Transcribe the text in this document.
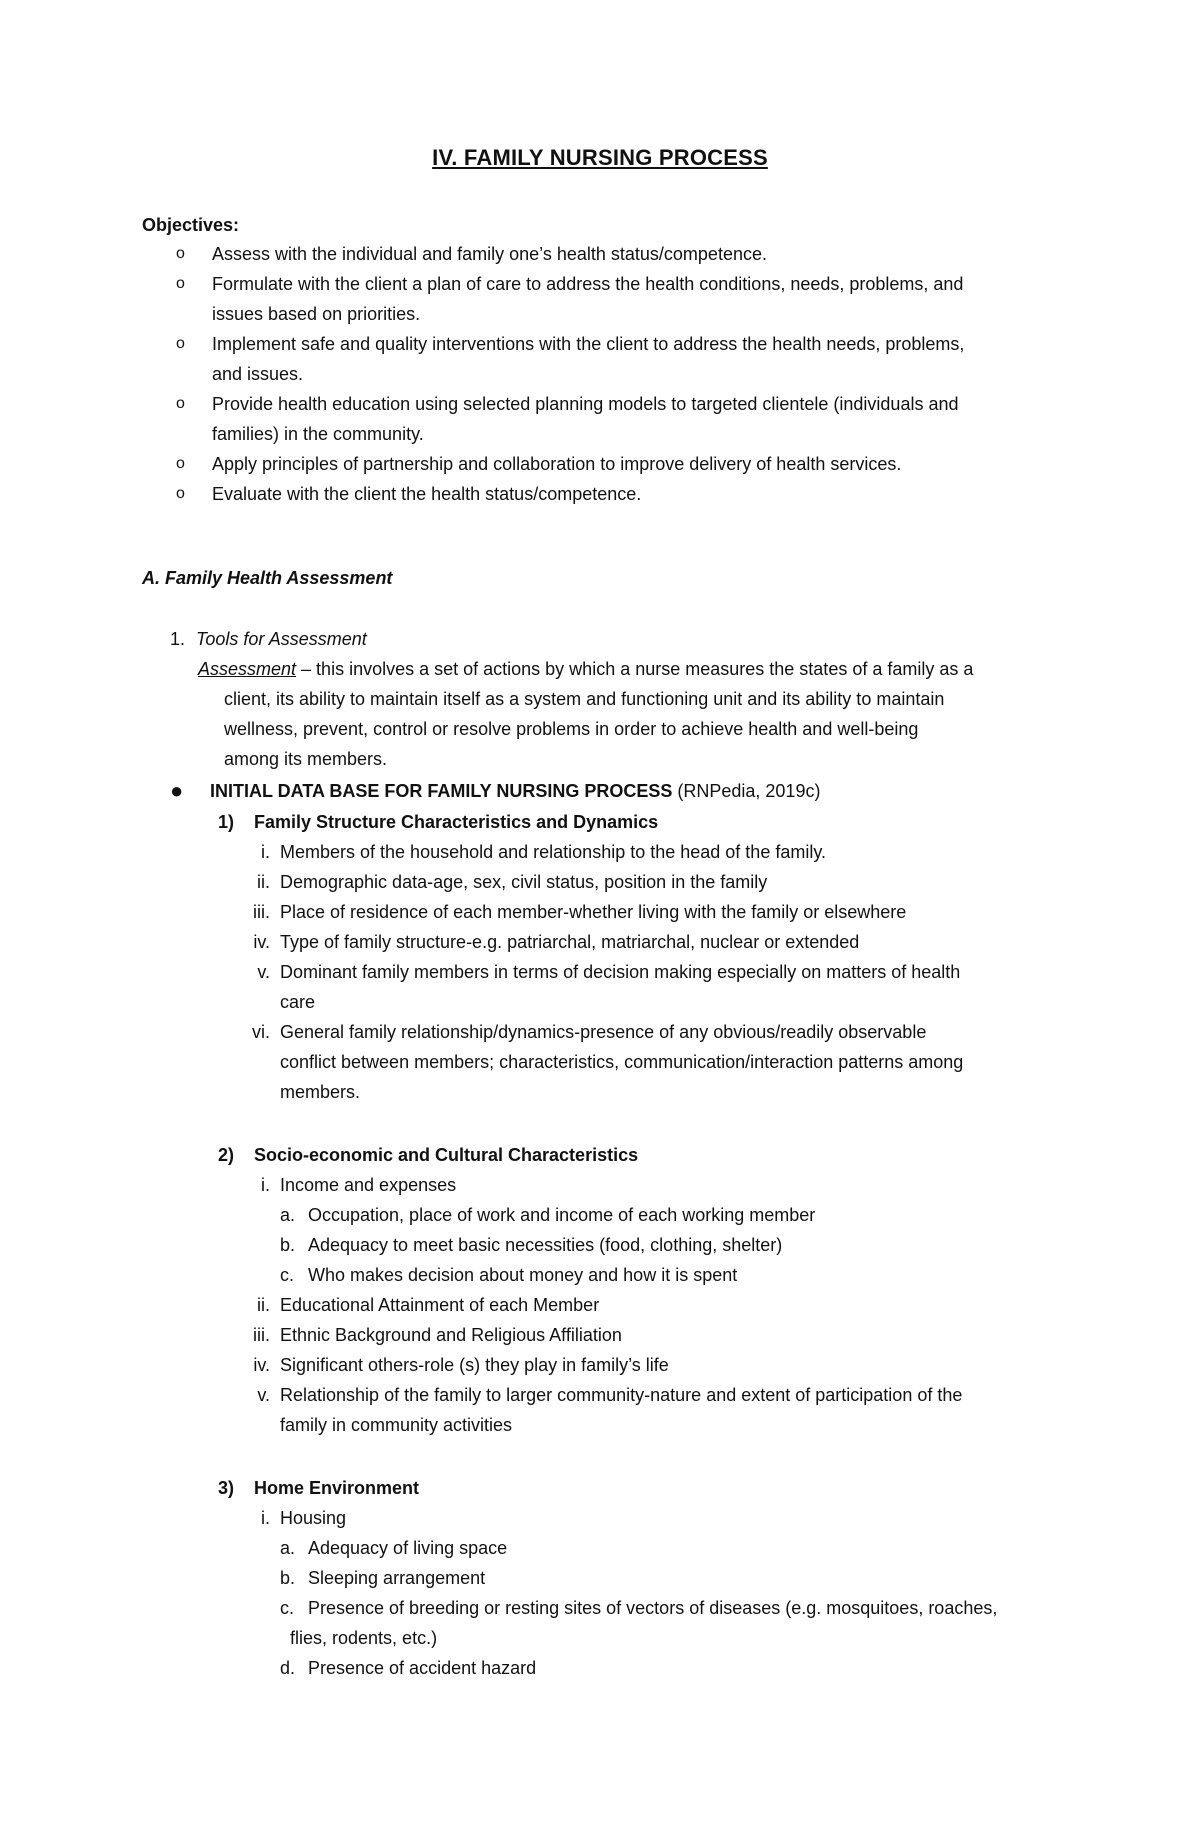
IV. FAMILY NURSING PROCESS
Objectives:
o Assess with the individual and family one’s health status/competence.
o Formulate with the client a plan of care to address the health conditions, needs, problems, and
issues based on priorities.
o Implement safe and quality interventions with the client to address the health needs, problems,
and issues.
o Provide health education using selected planning models to targeted clientele (individuals and
families) in the community.
o Apply principles of partnership and collaboration to improve delivery of health services.
o Evaluate with the client the health status/competence.
A. Family Health Assessment
1. Tools for Assessment
Assessment – this involves a set of actions by which a nurse measures the states of a family as a
client, its ability to maintain itself as a system and functioning unit and its ability to maintain
wellness, prevent, control or resolve problems in order to achieve health and well-being
among its members.
● INITIAL DATA BASE FOR FAMILY NURSING PROCESS (RNPedia, 2019c)
1) Family Structure Characteristics and Dynamics
i. Members of the household and relationship to the head of the family.
ii. Demographic data-age, sex, civil status, position in the family
iii. Place of residence of each member-whether living with the family or elsewhere
iv. Type of family structure-e.g. patriarchal, matriarchal, nuclear or extended
v. Dominant family members in terms of decision making especially on matters of health
care
vi. General family relationship/dynamics-presence of any obvious/readily observable
conflict between members; characteristics, communication/interaction patterns among
members.
2) Socio-economic and Cultural Characteristics
i. Income and expenses
a. Occupation, place of work and income of each working member
b. Adequacy to meet basic necessities (food, clothing, shelter)
c. Who makes decision about money and how it is spent
ii. Educational Attainment of each Member
iii. Ethnic Background and Religious Affiliation
iv. Significant others-role (s) they play in family’s life
v. Relationship of the family to larger community-nature and extent of participation of the
family in community activities
3) Home Environment
i. Housing
a. Adequacy of living space
b. Sleeping arrangement
c. Presence of breeding or resting sites of vectors of diseases (e.g. mosquitoes, roaches,
flies, rodents, etc.)
d. Presence of accident hazard
